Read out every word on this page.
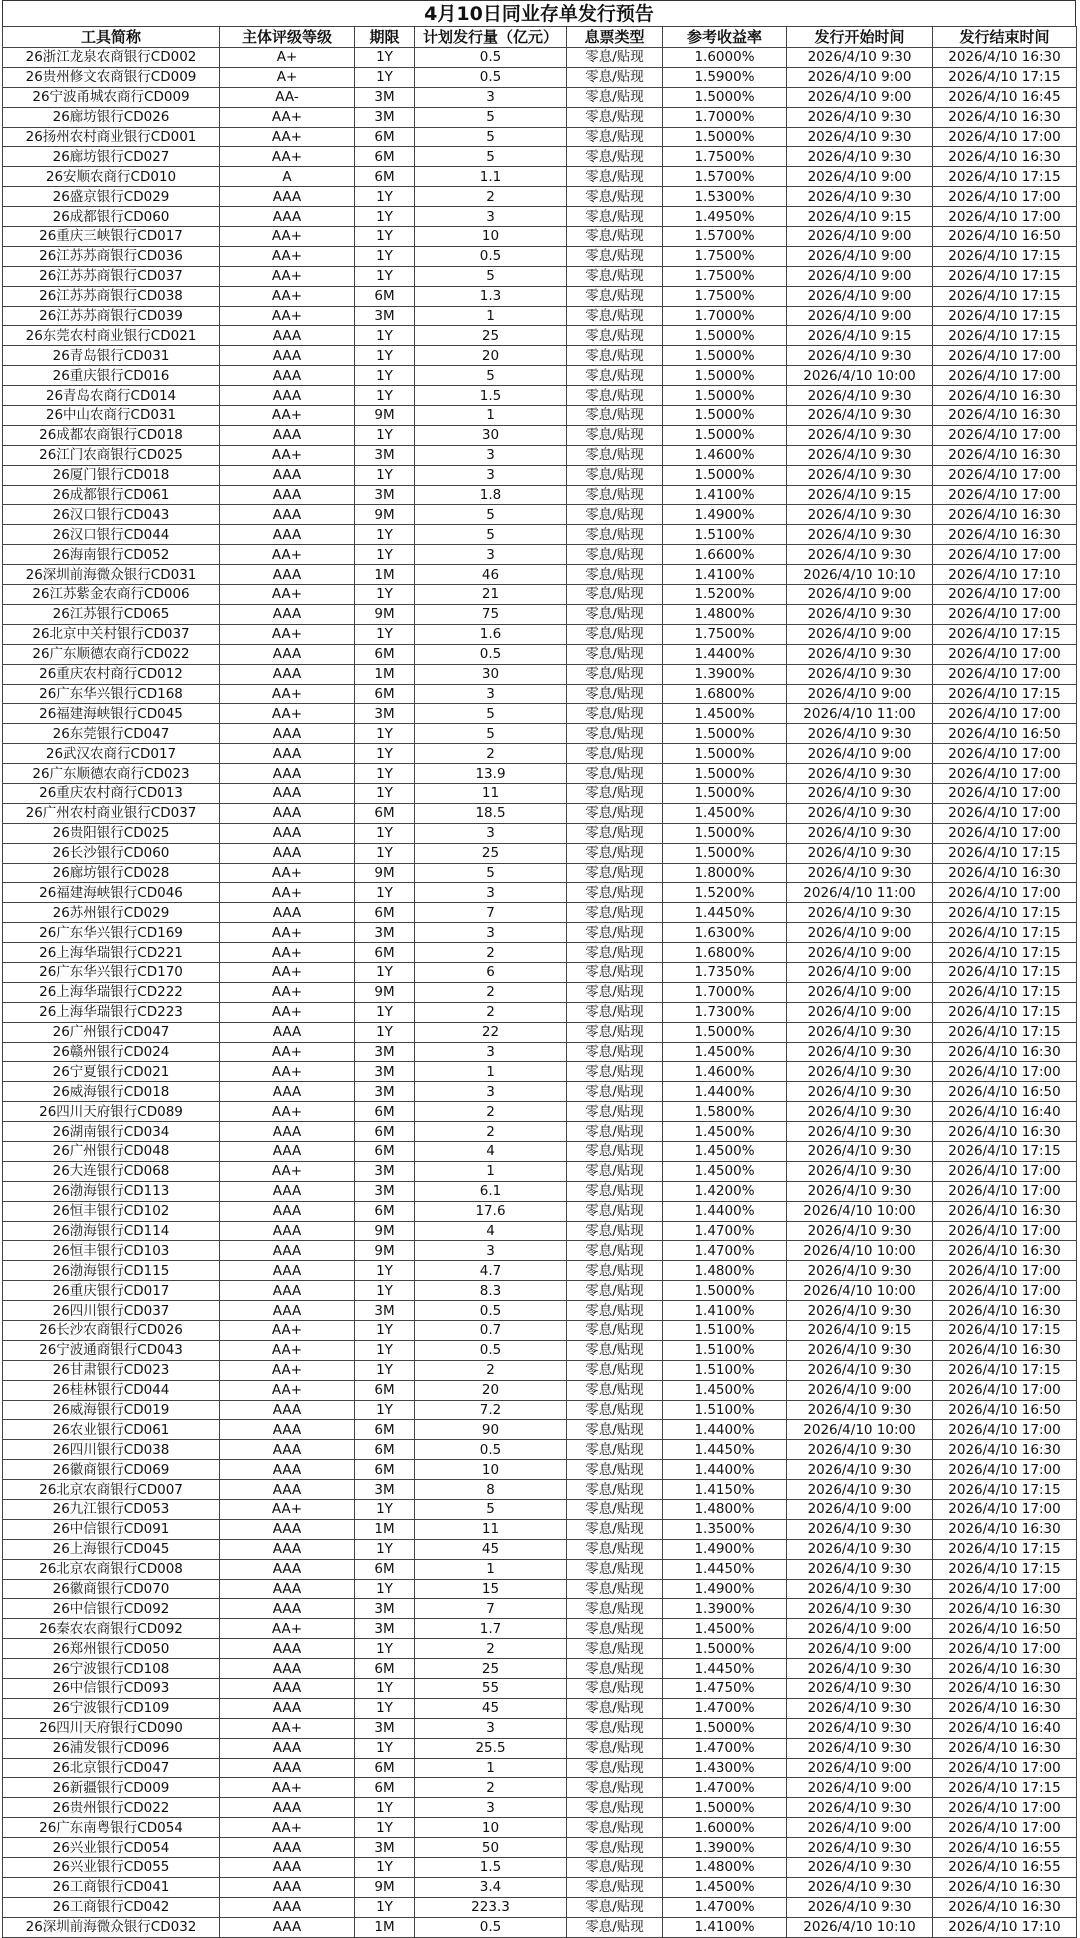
4月10日同业存单发行预告
工具简称	主体评级等级	期限	计划发行量（亿元）	息票类型	参考收益率	发行开始时间	发行结束时间
26浙江龙泉农商银行CD002	A+	1Y	0.5	零息/贴现	1.6000%	2026/4/10 9:30	2026/4/10 16:30
26贵州修文农商银行CD009	A+	1Y	0.5	零息/贴现	1.5900%	2026/4/10 9:00	2026/4/10 17:15
26宁波甬城农商行CD009	AA-	3M	3	零息/贴现	1.5000%	2026/4/10 9:00	2026/4/10 16:45
26廊坊银行CD026	AA+	3M	5	零息/贴现	1.7000%	2026/4/10 9:30	2026/4/10 16:30
26扬州农村商业银行CD001	AA+	6M	5	零息/贴现	1.5000%	2026/4/10 9:30	2026/4/10 17:00
26廊坊银行CD027	AA+	6M	5	零息/贴现	1.7500%	2026/4/10 9:30	2026/4/10 16:30
26安顺农商行CD010	A	6M	1.1	零息/贴现	1.5700%	2026/4/10 9:00	2026/4/10 17:15
26盛京银行CD029	AAA	1Y	2	零息/贴现	1.5300%	2026/4/10 9:30	2026/4/10 17:00
26成都银行CD060	AAA	1Y	3	零息/贴现	1.4950%	2026/4/10 9:15	2026/4/10 17:00
26重庆三峡银行CD017	AA+	1Y	10	零息/贴现	1.5700%	2026/4/10 9:00	2026/4/10 16:50
26江苏苏商银行CD036	AA+	1Y	0.5	零息/贴现	1.7500%	2026/4/10 9:00	2026/4/10 17:15
26江苏苏商银行CD037	AA+	1Y	5	零息/贴现	1.7500%	2026/4/10 9:00	2026/4/10 17:15
26江苏苏商银行CD038	AA+	6M	1.3	零息/贴现	1.7500%	2026/4/10 9:00	2026/4/10 17:15
26江苏苏商银行CD039	AA+	3M	1	零息/贴现	1.7000%	2026/4/10 9:00	2026/4/10 17:15
26东莞农村商业银行CD021	AAA	1Y	25	零息/贴现	1.5000%	2026/4/10 9:15	2026/4/10 17:15
26青岛银行CD031	AAA	1Y	20	零息/贴现	1.5000%	2026/4/10 9:30	2026/4/10 17:00
26重庆银行CD016	AAA	1Y	5	零息/贴现	1.5000%	2026/4/10 10:00	2026/4/10 17:00
26青岛农商行CD014	AAA	1Y	1.5	零息/贴现	1.5000%	2026/4/10 9:30	2026/4/10 16:30
26中山农商行CD031	AA+	9M	1	零息/贴现	1.5000%	2026/4/10 9:30	2026/4/10 16:30
26成都农商银行CD018	AAA	1Y	30	零息/贴现	1.5000%	2026/4/10 9:30	2026/4/10 17:00
26江门农商银行CD025	AA+	3M	3	零息/贴现	1.4600%	2026/4/10 9:30	2026/4/10 16:30
26厦门银行CD018	AAA	1Y	3	零息/贴现	1.5000%	2026/4/10 9:30	2026/4/10 17:00
26成都银行CD061	AAA	3M	1.8	零息/贴现	1.4100%	2026/4/10 9:15	2026/4/10 17:00
26汉口银行CD043	AAA	9M	5	零息/贴现	1.4900%	2026/4/10 9:30	2026/4/10 16:30
26汉口银行CD044	AAA	1Y	5	零息/贴现	1.5100%	2026/4/10 9:30	2026/4/10 16:30
26海南银行CD052	AA+	1Y	3	零息/贴现	1.6600%	2026/4/10 9:30	2026/4/10 17:00
26深圳前海微众银行CD031	AAA	1M	46	零息/贴现	1.4100%	2026/4/10 10:10	2026/4/10 17:10
26江苏紫金农商行CD006	AA+	1Y	21	零息/贴现	1.5200%	2026/4/10 9:00	2026/4/10 17:00
26江苏银行CD065	AAA	9M	75	零息/贴现	1.4800%	2026/4/10 9:30	2026/4/10 17:00
26北京中关村银行CD037	AA+	1Y	1.6	零息/贴现	1.7500%	2026/4/10 9:00	2026/4/10 17:15
26广东顺德农商行CD022	AAA	6M	0.5	零息/贴现	1.4400%	2026/4/10 9:30	2026/4/10 17:00
26重庆农村商行CD012	AAA	1M	30	零息/贴现	1.3900%	2026/4/10 9:30	2026/4/10 17:00
26广东华兴银行CD168	AA+	6M	3	零息/贴现	1.6800%	2026/4/10 9:00	2026/4/10 17:15
26福建海峡银行CD045	AA+	3M	5	零息/贴现	1.4500%	2026/4/10 11:00	2026/4/10 17:00
26东莞银行CD047	AAA	1Y	5	零息/贴现	1.5000%	2026/4/10 9:30	2026/4/10 16:50
26武汉农商行CD017	AAA	1Y	2	零息/贴现	1.5000%	2026/4/10 9:00	2026/4/10 17:00
26广东顺德农商行CD023	AAA	1Y	13.9	零息/贴现	1.5000%	2026/4/10 9:30	2026/4/10 17:00
26重庆农村商行CD013	AAA	1Y	11	零息/贴现	1.5000%	2026/4/10 9:30	2026/4/10 17:00
26广州农村商业银行CD037	AAA	6M	18.5	零息/贴现	1.4500%	2026/4/10 9:30	2026/4/10 17:00
26贵阳银行CD025	AAA	1Y	3	零息/贴现	1.5000%	2026/4/10 9:30	2026/4/10 17:00
26长沙银行CD060	AAA	1Y	25	零息/贴现	1.5000%	2026/4/10 9:30	2026/4/10 17:15
26廊坊银行CD028	AA+	9M	5	零息/贴现	1.8000%	2026/4/10 9:30	2026/4/10 16:30
26福建海峡银行CD046	AA+	1Y	3	零息/贴现	1.5200%	2026/4/10 11:00	2026/4/10 17:00
26苏州银行CD029	AAA	6M	7	零息/贴现	1.4450%	2026/4/10 9:30	2026/4/10 17:15
26广东华兴银行CD169	AA+	3M	3	零息/贴现	1.6300%	2026/4/10 9:00	2026/4/10 17:15
26上海华瑞银行CD221	AA+	6M	2	零息/贴现	1.6800%	2026/4/10 9:00	2026/4/10 17:15
26广东华兴银行CD170	AA+	1Y	6	零息/贴现	1.7350%	2026/4/10 9:00	2026/4/10 17:15
26上海华瑞银行CD222	AA+	9M	2	零息/贴现	1.7000%	2026/4/10 9:00	2026/4/10 17:15
26上海华瑞银行CD223	AA+	1Y	2	零息/贴现	1.7300%	2026/4/10 9:00	2026/4/10 17:15
26广州银行CD047	AAA	1Y	22	零息/贴现	1.5000%	2026/4/10 9:30	2026/4/10 17:15
26赣州银行CD024	AA+	3M	3	零息/贴现	1.4500%	2026/4/10 9:30	2026/4/10 16:30
26宁夏银行CD021	AA+	3M	1	零息/贴现	1.4600%	2026/4/10 9:30	2026/4/10 17:00
26威海银行CD018	AAA	3M	3	零息/贴现	1.4400%	2026/4/10 9:30	2026/4/10 16:50
26四川天府银行CD089	AA+	6M	2	零息/贴现	1.5800%	2026/4/10 9:30	2026/4/10 16:40
26湖南银行CD034	AAA	6M	2	零息/贴现	1.4500%	2026/4/10 9:30	2026/4/10 16:30
26广州银行CD048	AAA	6M	4	零息/贴现	1.4500%	2026/4/10 9:30	2026/4/10 17:15
26大连银行CD068	AA+	3M	1	零息/贴现	1.4500%	2026/4/10 9:30	2026/4/10 17:00
26渤海银行CD113	AAA	3M	6.1	零息/贴现	1.4200%	2026/4/10 9:30	2026/4/10 17:00
26恒丰银行CD102	AAA	6M	17.6	零息/贴现	1.4400%	2026/4/10 10:00	2026/4/10 16:30
26渤海银行CD114	AAA	9M	4	零息/贴现	1.4700%	2026/4/10 9:30	2026/4/10 17:00
26恒丰银行CD103	AAA	9M	3	零息/贴现	1.4700%	2026/4/10 10:00	2026/4/10 16:30
26渤海银行CD115	AAA	1Y	4.7	零息/贴现	1.4800%	2026/4/10 9:30	2026/4/10 17:00
26重庆银行CD017	AAA	1Y	8.3	零息/贴现	1.5000%	2026/4/10 10:00	2026/4/10 17:00
26四川银行CD037	AAA	3M	0.5	零息/贴现	1.4100%	2026/4/10 9:30	2026/4/10 16:30
26长沙农商银行CD026	AA+	1Y	0.7	零息/贴现	1.5100%	2026/4/10 9:15	2026/4/10 17:15
26宁波通商银行CD043	AA+	1Y	0.5	零息/贴现	1.5100%	2026/4/10 9:30	2026/4/10 16:30
26甘肃银行CD023	AA+	1Y	2	零息/贴现	1.5100%	2026/4/10 9:30	2026/4/10 17:15
26桂林银行CD044	AA+	6M	20	零息/贴现	1.4500%	2026/4/10 9:00	2026/4/10 17:00
26威海银行CD019	AAA	1Y	7.2	零息/贴现	1.5100%	2026/4/10 9:30	2026/4/10 16:50
26农业银行CD061	AAA	6M	90	零息/贴现	1.4400%	2026/4/10 10:00	2026/4/10 17:00
26四川银行CD038	AAA	6M	0.5	零息/贴现	1.4450%	2026/4/10 9:30	2026/4/10 16:30
26徽商银行CD069	AAA	6M	10	零息/贴现	1.4400%	2026/4/10 9:30	2026/4/10 17:00
26北京农商银行CD007	AAA	3M	8	零息/贴现	1.4150%	2026/4/10 9:30	2026/4/10 17:15
26九江银行CD053	AA+	1Y	5	零息/贴现	1.4800%	2026/4/10 9:00	2026/4/10 17:00
26中信银行CD091	AAA	1M	11	零息/贴现	1.3500%	2026/4/10 9:30	2026/4/10 16:30
26上海银行CD045	AAA	1Y	45	零息/贴现	1.4900%	2026/4/10 9:30	2026/4/10 17:15
26北京农商银行CD008	AAA	6M	1	零息/贴现	1.4450%	2026/4/10 9:30	2026/4/10 17:15
26徽商银行CD070	AAA	1Y	15	零息/贴现	1.4900%	2026/4/10 9:30	2026/4/10 17:00
26中信银行CD092	AAA	3M	7	零息/贴现	1.3900%	2026/4/10 9:30	2026/4/10 16:30
26秦农农商银行CD092	AA+	3M	1.7	零息/贴现	1.4500%	2026/4/10 9:00	2026/4/10 16:50
26郑州银行CD050	AAA	1Y	2	零息/贴现	1.5000%	2026/4/10 9:00	2026/4/10 17:00
26宁波银行CD108	AAA	6M	25	零息/贴现	1.4450%	2026/4/10 9:30	2026/4/10 16:30
26中信银行CD093	AAA	1Y	55	零息/贴现	1.4750%	2026/4/10 9:30	2026/4/10 16:30
26宁波银行CD109	AAA	1Y	45	零息/贴现	1.4700%	2026/4/10 9:30	2026/4/10 16:30
26四川天府银行CD090	AA+	3M	3	零息/贴现	1.5000%	2026/4/10 9:30	2026/4/10 16:40
26浦发银行CD096	AAA	1Y	25.5	零息/贴现	1.4700%	2026/4/10 9:30	2026/4/10 16:30
26北京银行CD047	AAA	6M	1	零息/贴现	1.4300%	2026/4/10 9:00	2026/4/10 17:00
26新疆银行CD009	AA+	6M	2	零息/贴现	1.4700%	2026/4/10 9:00	2026/4/10 17:15
26贵州银行CD022	AAA	1Y	3	零息/贴现	1.5000%	2026/4/10 9:30	2026/4/10 17:00
26广东南粤银行CD054	AA+	1Y	10	零息/贴现	1.6000%	2026/4/10 9:00	2026/4/10 17:00
26兴业银行CD054	AAA	3M	50	零息/贴现	1.3900%	2026/4/10 9:30	2026/4/10 16:55
26兴业银行CD055	AAA	1Y	1.5	零息/贴现	1.4800%	2026/4/10 9:30	2026/4/10 16:55
26工商银行CD041	AAA	9M	3.4	零息/贴现	1.4500%	2026/4/10 9:30	2026/4/10 16:30
26工商银行CD042	AAA	1Y	223.3	零息/贴现	1.4700%	2026/4/10 9:30	2026/4/10 16:30
26深圳前海微众银行CD032	AAA	1M	0.5	零息/贴现	1.4100%	2026/4/10 10:10	2026/4/10 17:10
